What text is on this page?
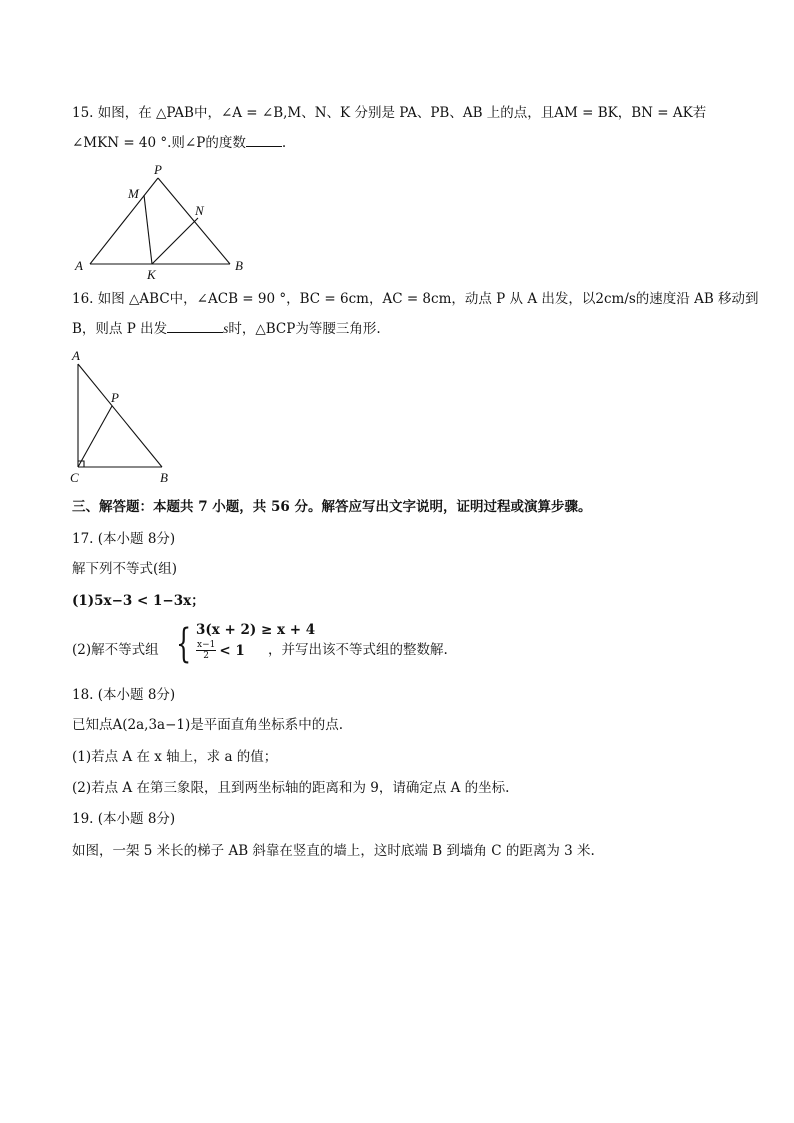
15. 如图，在 △PAB中，∠A = ∠B,M、N、K 分别是 PA、PB、AB 上的点，且AM = BK，BN = AK若
∠MKN = 40 °.则∠P的度数	.
P
M
N
A
K
B
16. 如图 △ABC中，∠ACB = 90 °，BC = 6cm，AC = 8cm，动点 P 从 A 出发，以2cm/s的速度沿 AB 移动到
B，则点 P 出发	s时，△BCP为等腰三角形.
A
P
C	B
三、解答题：本题共 7 小题，共 56 分。解答应写出文字说明，证明过程或演算步骤。
17. (本小题 8分)
解下列不等式(组)
(1)5x−3 < 1−3x；
(2)解不等式组 { 3(x + 2) ≥ x + 4
$\frac{x-1}{2} < 1$ ，并写出该不等式组的整数解.
18. (本小题 8分)
已知点A(2a,3a−1)是平面直角坐标系中的点.
(1)若点 A 在 x 轴上，求 a 的值；
(2)若点 A 在第三象限，且到两坐标轴的距离和为 9，请确定点 A 的坐标.
19. (本小题 8分)
如图，一架 5 米长的梯子 AB 斜靠在竖直的墙上，这时底端 B 到墙角 C 的距离为 3 米.
